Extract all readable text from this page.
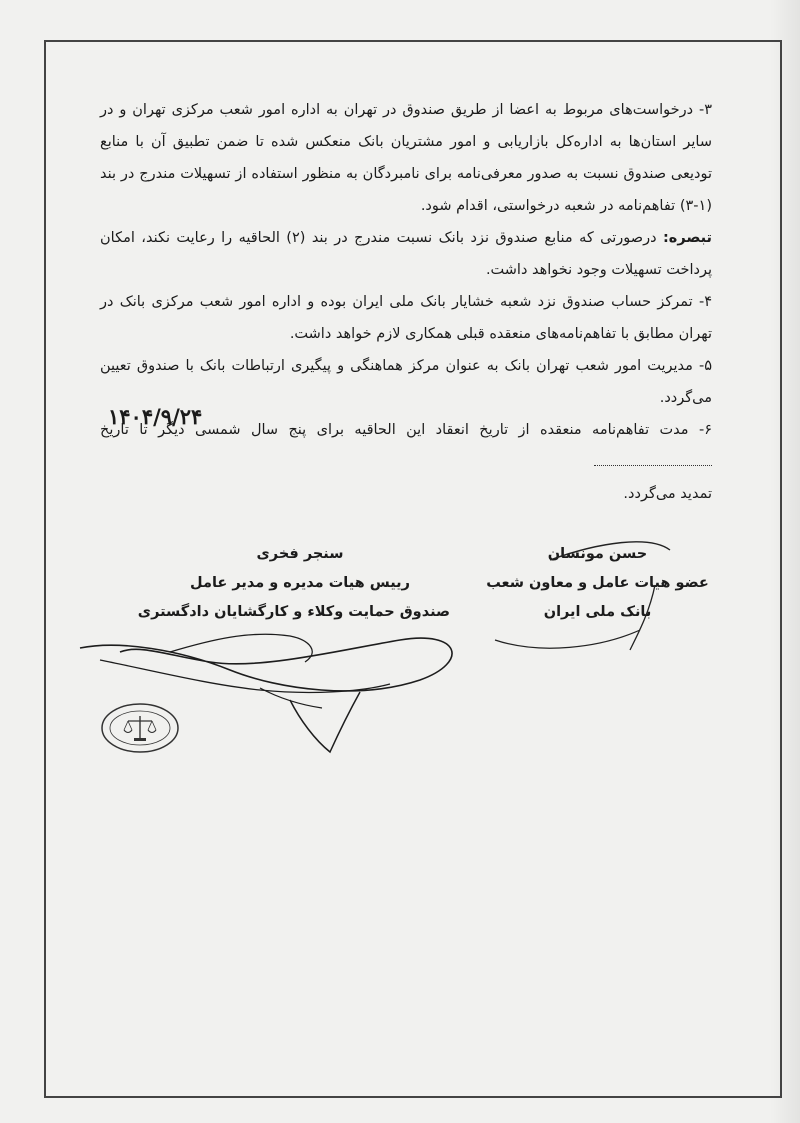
۳- درخواست‌های مربوط به اعضا از طریق صندوق در تهران به اداره امور شعب مرکزی تهران و در سایر استان‌ها به اداره‌کل بازاریابی و امور مشتریان بانک منعکس شده تا ضمن تطبیق آن با منابع تودیعی صندوق نسبت به صدور معرفی‌نامه برای نامبردگان به منظور استفاده از تسهیلات مندرج در بند (۱-۳) تفاهم‌نامه در شعبه درخواستی، اقدام شود.

تبصره: درصورتی که منابع صندوق نزد بانک نسبت مندرج در بند (۲) الحاقیه را رعایت نکند، امکان پرداخت تسهیلات وجود نخواهد داشت.

۴- تمرکز حساب صندوق نزد شعبه خشایار بانک ملی ایران بوده و اداره امور شعب مرکزی بانک در تهران مطابق با تفاهم‌نامه‌های منعقده قبلی همکاری لازم خواهد داشت.

۵- مدیریت امور شعب تهران بانک به عنوان مرکز هماهنگی و پیگیری ارتباطات بانک با صندوق تعیین می‌گردد.

۶- مدت تفاهم‌نامه منعقده از تاریخ انعقاد این الحاقیه برای پنج سال شمسی دیگر تا تاریخ
تمدید می‌گردد.

۱۴۰۴/۹/۲۴
سنجر فخری
رییس هیات مدیره و مدیر عامل
صندوق حمایت وکلاء و کارگشایان دادگستری
حسن مونسان
عضو هیات عامل و معاون شعب
بانک ملی ایران
